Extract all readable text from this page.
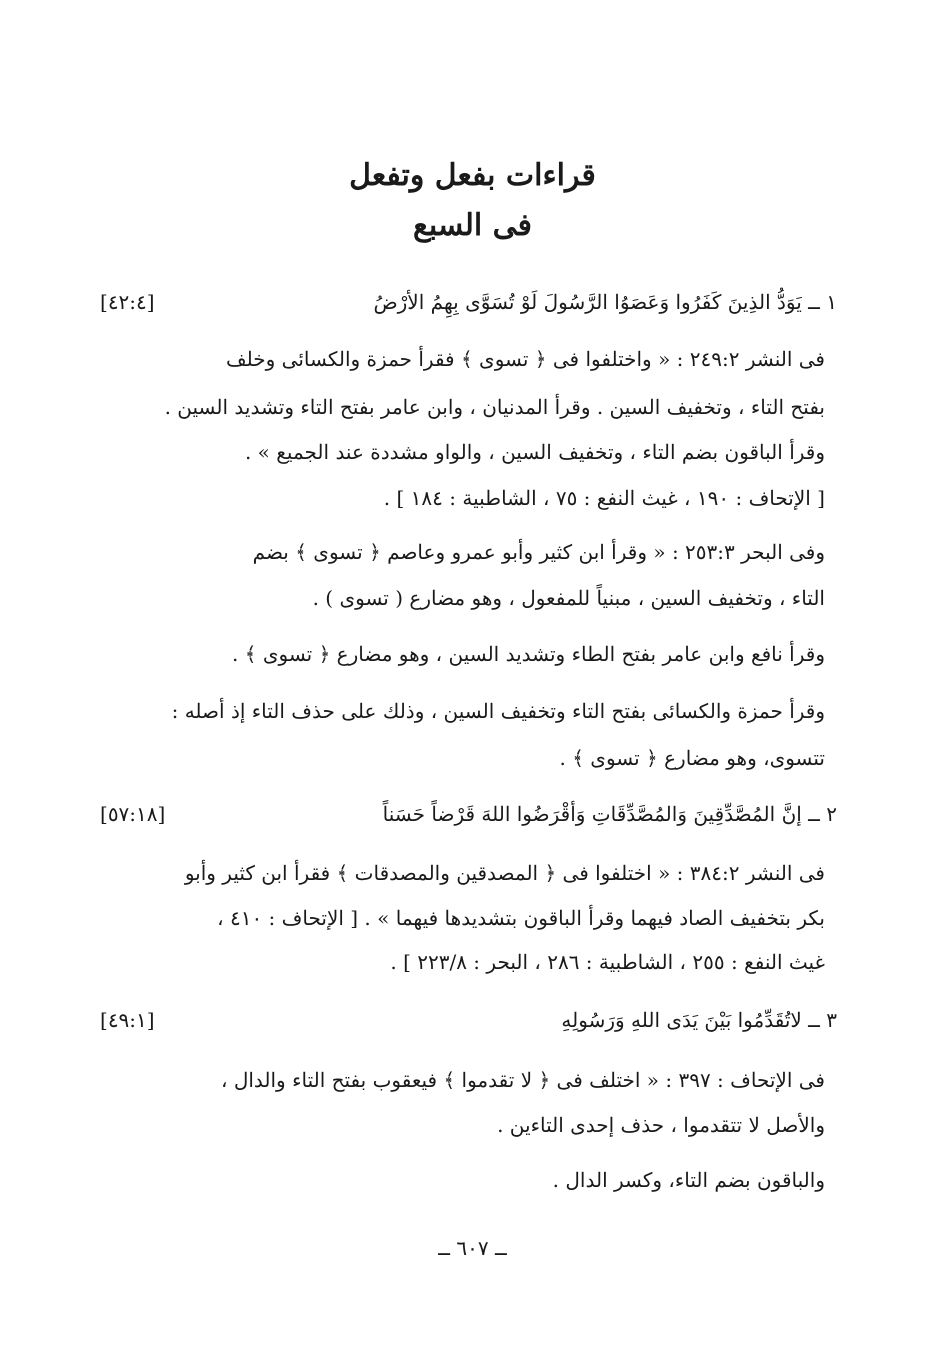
قراءات بفعل وتفعل
فى السبع
١ ــ يَوَدُّ الذِينَ كَفَرُوا وَعَصَوُا الرَّسُولَ لَوْ تُسَوَّى بِهِمُ الأرْضُ
[٤٢:٤]
فى النشر ٢٤٩:٢ : « واختلفوا فى ﴿ تسوى ﴾ فقرأ حمزة والكسائى وخلف
بفتح التاء ، وتخفيف السين . وقرأ المدنيان ، وابن عامر بفتح التاء وتشديد السين .
وقرأ الباقون بضم التاء ، وتخفيف السين ، والواو مشددة عند الجميع » .
[ الإتحاف : ١٩٠ ، غيث النفع : ٧٥ ، الشاطبية : ١٨٤ ] .
وفى البحر ٢٥٣:٣ : « وقرأ ابن كثير وأبو عمرو وعاصم ﴿ تسوى ﴾ بضم
التاء ، وتخفيف السين ، مبنياً للمفعول ، وهو مضارع ( تسوى ) .
وقرأ نافع وابن عامر بفتح الطاء وتشديد السين ، وهو مضارع ﴿ تسوى ﴾ .
وقرأ حمزة والكسائى بفتح التاء وتخفيف السين ، وذلك على حذف التاء إذ أصله :
تتسوى، وهو مضارع ﴿ تسوى ﴾ .
٢ ــ إنَّ المُصَّدِّقِينَ وَالمُصَّدِّقَاتِ وَأقْرَضُوا اللهَ قَرْضاً حَسَناً
[٥٧:١٨]
فى النشر ٣٨٤:٢ : « اختلفوا فى ﴿ المصدقين والمصدقات ﴾ فقرأ ابن كثير وأبو
بكر بتخفيف الصاد فيهما وقرأ الباقون بتشديدها فيهما » . [ الإتحاف : ٤١٠ ،
غيث النفع : ٢٥٥ ، الشاطبية : ٢٨٦ ، البحر : ٢٢٣/٨ ] .
٣ ــ لاتُقَدِّمُوا بَيْنَ يَدَى اللهِ وَرَسُولِهِ
[٤٩:١]
فى الإتحاف : ٣٩٧ : « اختلف فى ﴿ لا تقدموا ﴾ فيعقوب بفتح التاء والدال ،
والأصل لا تتقدموا ، حذف إحدى التاءين .
والباقون بضم التاء، وكسر الدال .
ــ ٦٠٧ ــ
